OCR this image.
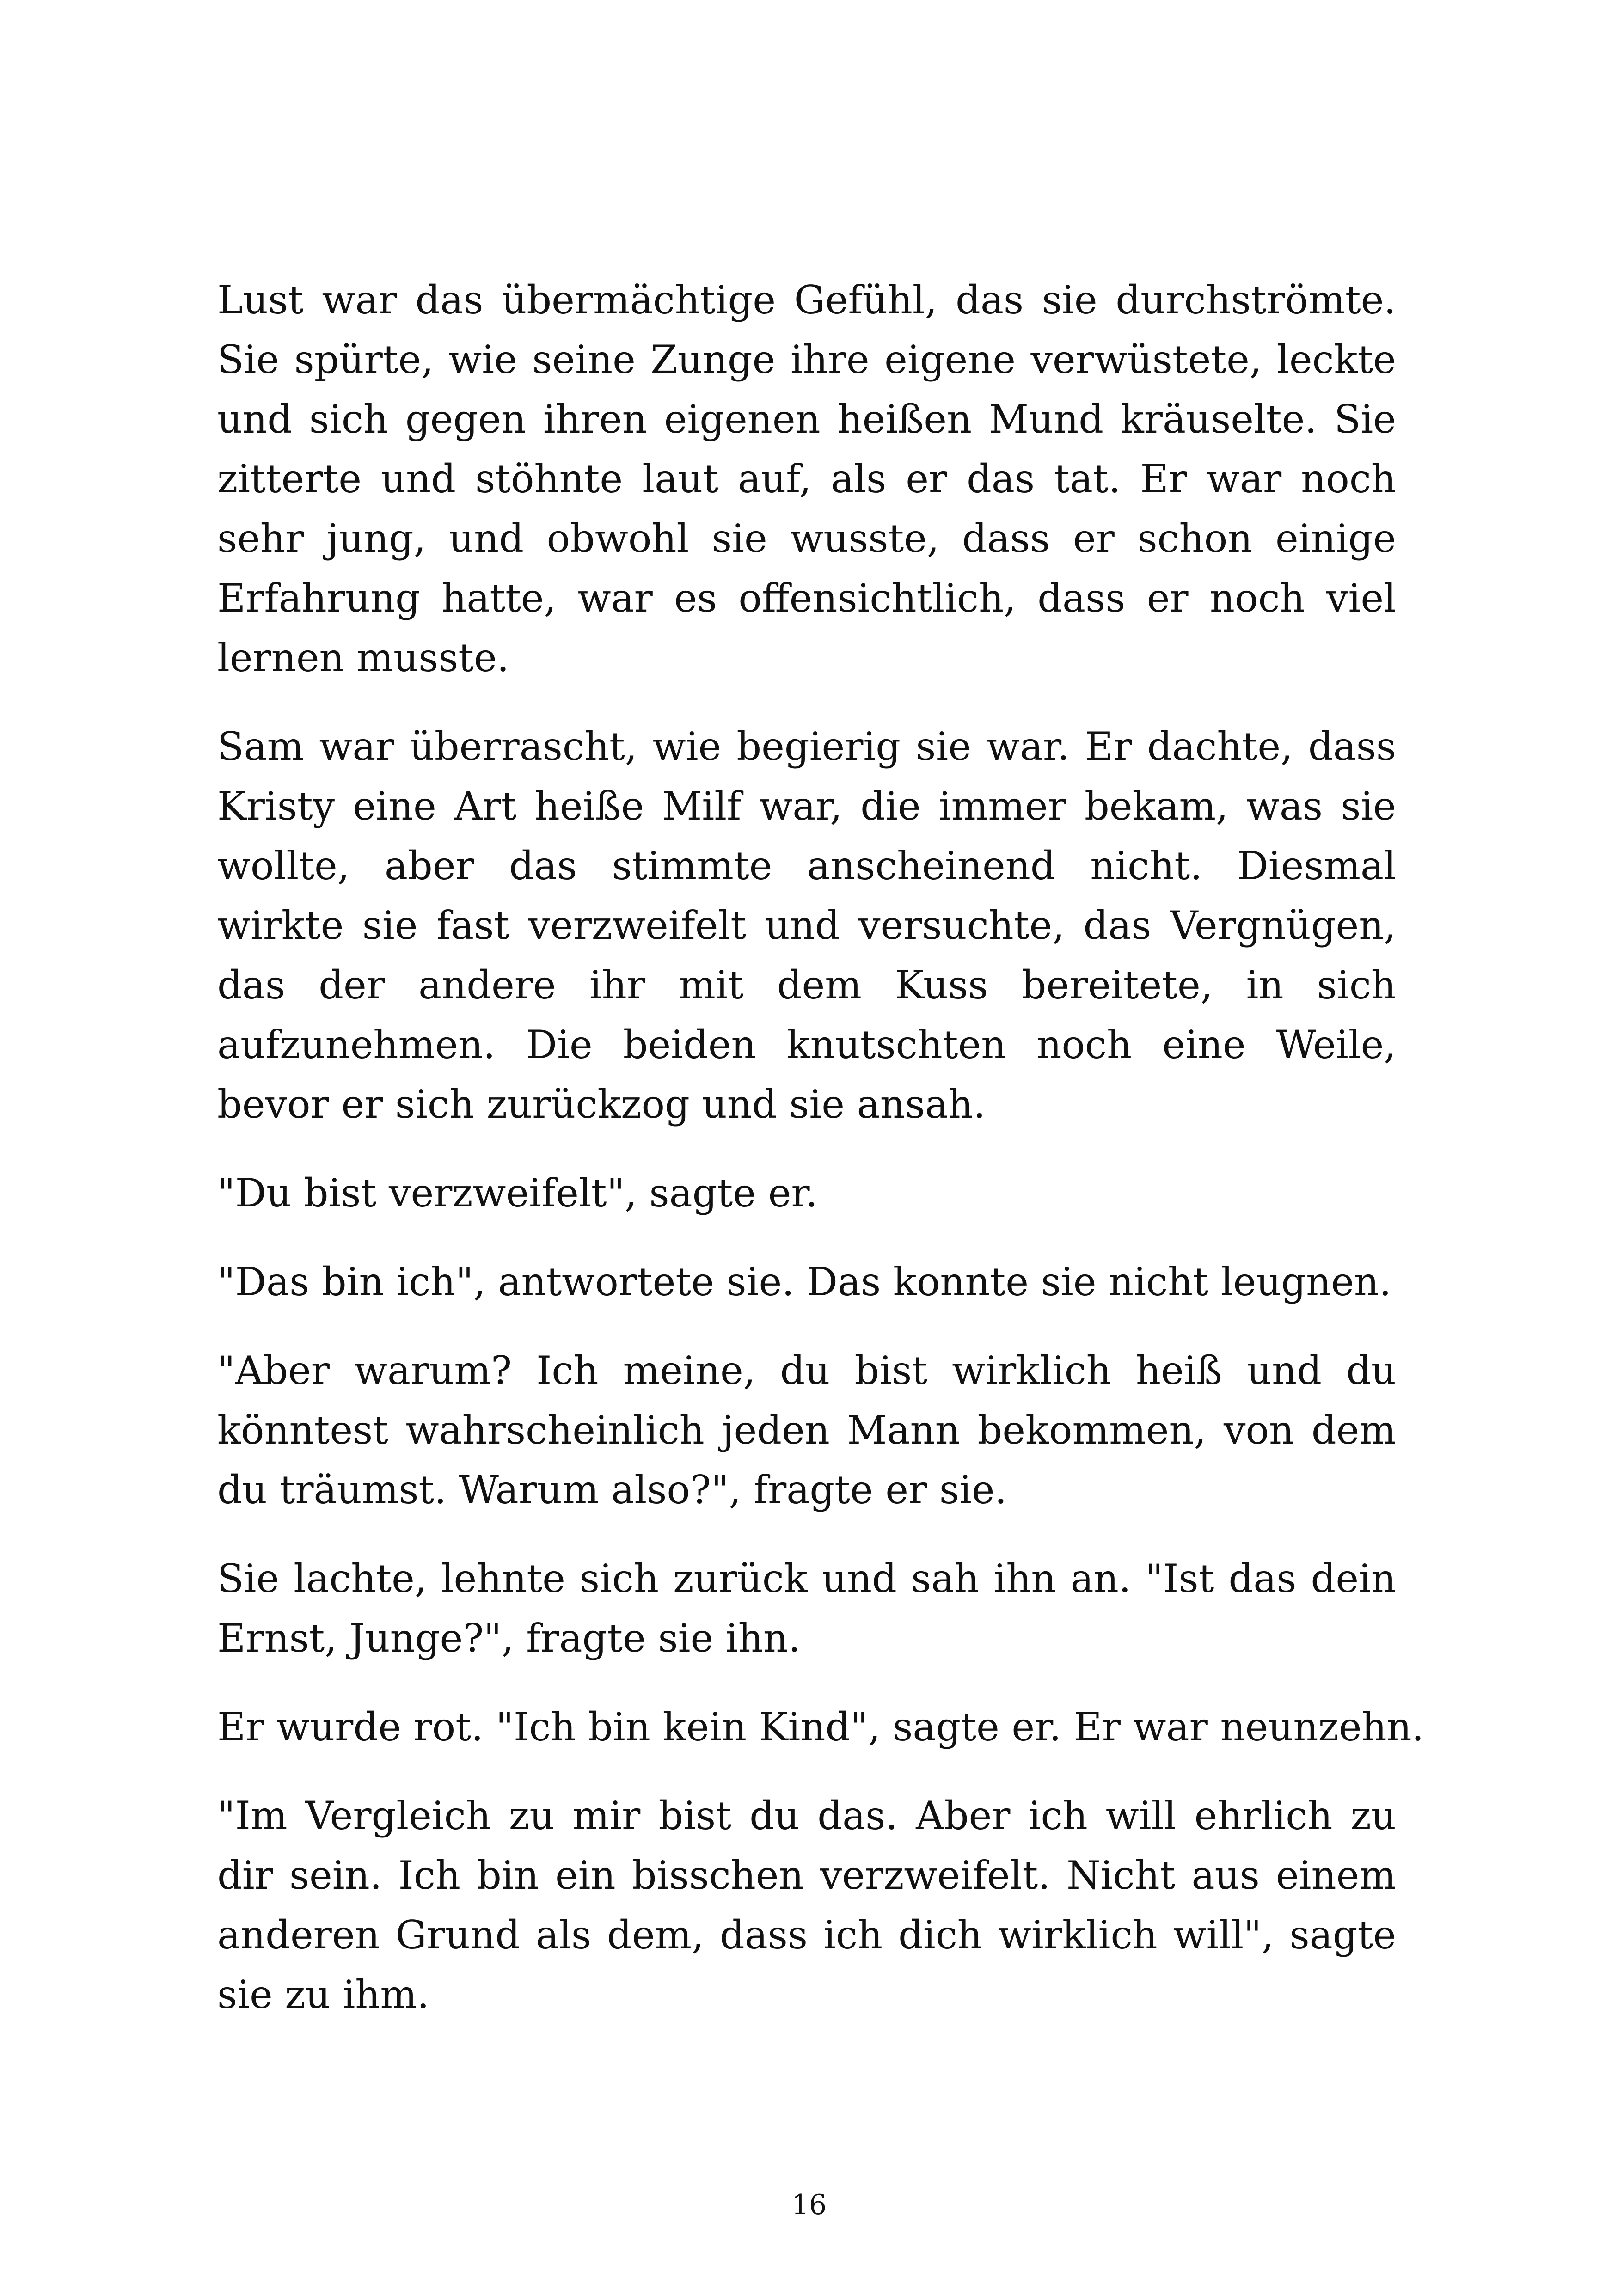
Lust war das übermächtige Gefühl, das sie durchströmte. Sie spürte, wie seine Zunge ihre eigene verwüstete, leckte und sich gegen ihren eigenen heißen Mund kräuselte. Sie zitterte und stöhnte laut auf, als er das tat. Er war noch sehr jung, und obwohl sie wusste, dass er schon einige Erfahrung hatte, war es offensichtlich, dass er noch viel lernen musste.

Sam war überrascht, wie begierig sie war. Er dachte, dass Kristy eine Art heiße Milf war, die immer bekam, was sie wollte, aber das stimmte anscheinend nicht. Diesmal wirkte sie fast verzweifelt und versuchte, das Vergnügen, das der andere ihr mit dem Kuss bereitete, in sich aufzunehmen. Die beiden knutschten noch eine Weile, bevor er sich zurückzog und sie ansah.

"Du bist verzweifelt", sagte er.

"Das bin ich", antwortete sie. Das konnte sie nicht leugnen.

"Aber warum? Ich meine, du bist wirklich heiß und du könntest wahrscheinlich jeden Mann bekommen, von dem du träumst. Warum also?", fragte er sie.

Sie lachte, lehnte sich zurück und sah ihn an. "Ist das dein Ernst, Junge?", fragte sie ihn.

Er wurde rot. "Ich bin kein Kind", sagte er. Er war neunzehn.

"Im Vergleich zu mir bist du das. Aber ich will ehrlich zu dir sein. Ich bin ein bisschen verzweifelt. Nicht aus einem anderen Grund als dem, dass ich dich wirklich will", sagte sie zu ihm.

16
